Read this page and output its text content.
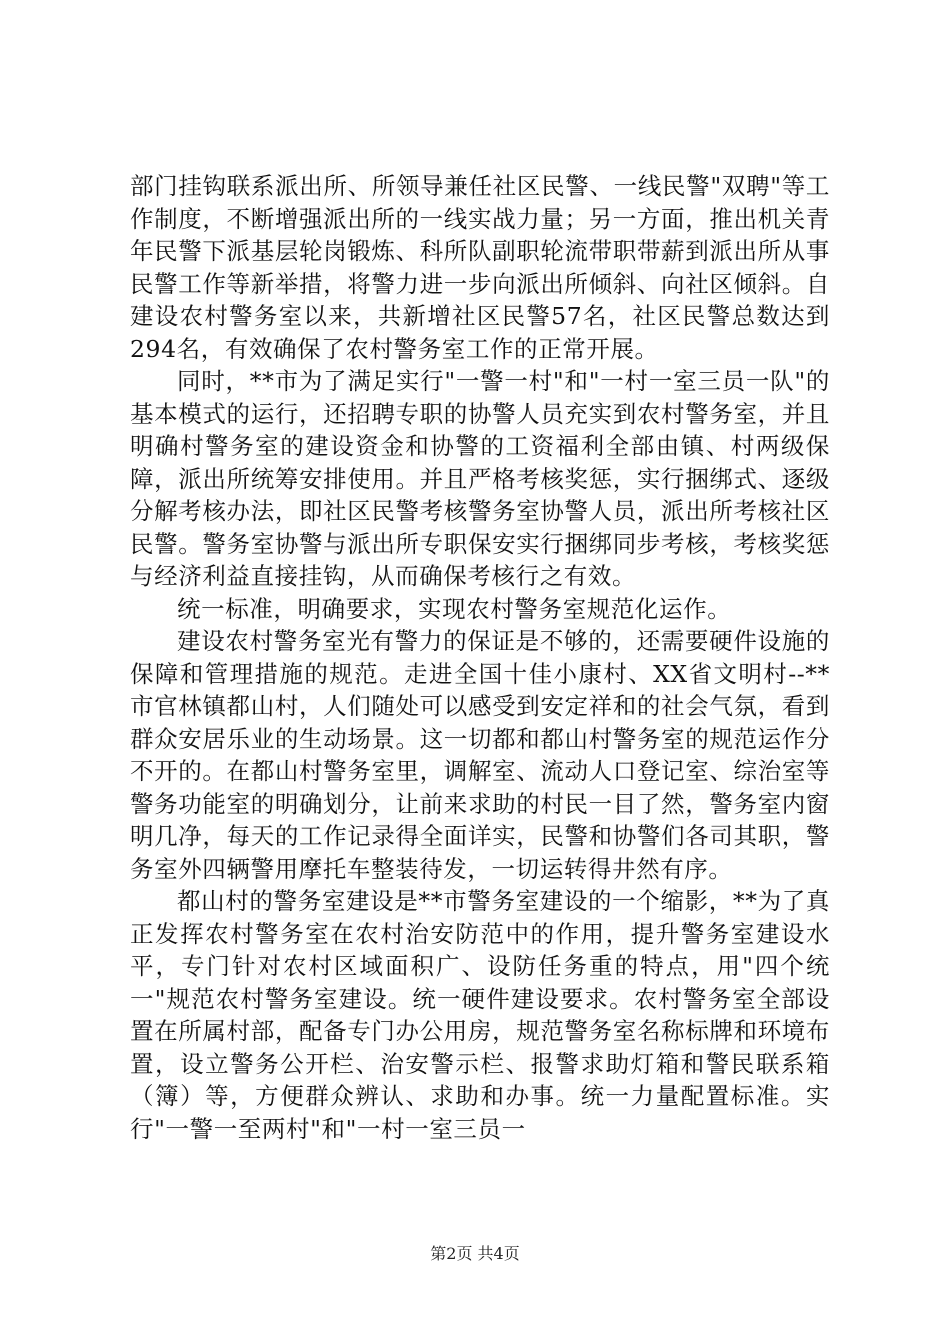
部门挂钩联系派出所、所领导兼任社区民警、一线民警"双聘"等工作制度，不断增强派出所的一线实战力量；另一方面，推出机关青年民警下派基层轮岗锻炼、科所队副职轮流带职带薪到派出所从事民警工作等新举措，将警力进一步向派出所倾斜、向社区倾斜。自建设农村警务室以来，共新增社区民警57名，社区民警总数达到294名，有效确保了农村警务室工作的正常开展。

同时，**市为了满足实行"一警一村"和"一村一室三员一队"的基本模式的运行，还招聘专职的协警人员充实到农村警务室，并且明确村警务室的建设资金和协警的工资福利全部由镇、村两级保障，派出所统筹安排使用。并且严格考核奖惩，实行捆绑式、逐级分解考核办法，即社区民警考核警务室协警人员，派出所考核社区民警。警务室协警与派出所专职保安实行捆绑同步考核，考核奖惩与经济利益直接挂钩，从而确保考核行之有效。

统一标准，明确要求，实现农村警务室规范化运作。

建设农村警务室光有警力的保证是不够的，还需要硬件设施的保障和管理措施的规范。走进全国十佳小康村、XX省文明村--**市官林镇都山村，人们随处可以感受到安定祥和的社会气氛，看到群众安居乐业的生动场景。这一切都和都山村警务室的规范运作分不开的。在都山村警务室里，调解室、流动人口登记室、综治室等警务功能室的明确划分，让前来求助的村民一目了然，警务室内窗明几净，每天的工作记录得全面详实，民警和协警们各司其职，警务室外四辆警用摩托车整装待发，一切运转得井然有序。

都山村的警务室建设是**市警务室建设的一个缩影，**为了真正发挥农村警务室在农村治安防范中的作用，提升警务室建设水平，专门针对农村区域面积广、设防任务重的特点，用"四个统一"规范农村警务室建设。统一硬件建设要求。农村警务室全部设置在所属村部，配备专门办公用房，规范警务室名称标牌和环境布置，设立警务公开栏、治安警示栏、报警求助灯箱和警民联系箱（簿）等，方便群众辨认、求助和办事。统一力量配置标准。实行"一警一至两村"和"一村一室三员一

第2页 共4页
